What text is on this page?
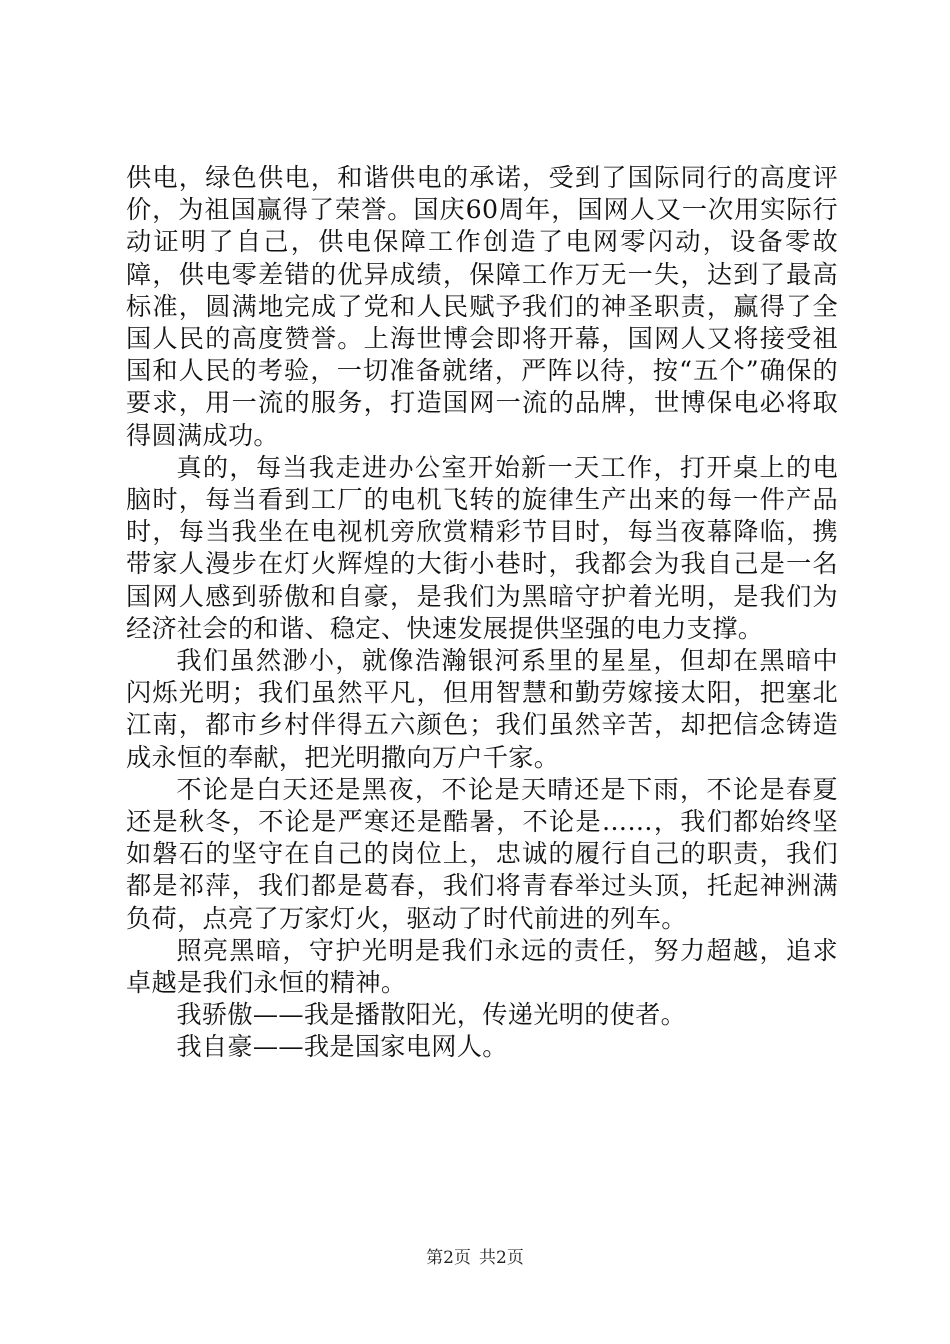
供电，绿色供电，和谐供电的承诺，受到了国际同行的高度评价，为祖国赢得了荣誉。国庆60周年，国网人又一次用实际行动证明了自己，供电保障工作创造了电网零闪动，设备零故障，供电零差错的优异成绩，保障工作万无一失，达到了最高标准，圆满地完成了党和人民赋予我们的神圣职责，赢得了全国人民的高度赞誉。上海世博会即将开幕，国网人又将接受祖国和人民的考验，一切准备就绪，严阵以待，按“五个”确保的要求，用一流的服务，打造国网一流的品牌，世博保电必将取得圆满成功。

真的，每当我走进办公室开始新一天工作，打开桌上的电脑时，每当看到工厂的电机飞转的旋律生产出来的每一件产品时，每当我坐在电视机旁欣赏精彩节目时，每当夜幕降临，携带家人漫步在灯火辉煌的大街小巷时，我都会为我自己是一名国网人感到骄傲和自豪，是我们为黑暗守护着光明，是我们为经济社会的和谐、稳定、快速发展提供坚强的电力支撑。

我们虽然渺小，就像浩瀚银河系里的星星，但却在黑暗中闪烁光明；我们虽然平凡，但用智慧和勤劳嫁接太阳，把塞北江南，都市乡村伴得五六颜色；我们虽然辛苦，却把信念铸造成永恒的奉献，把光明撒向万户千家。

不论是白天还是黑夜，不论是天晴还是下雨，不论是春夏还是秋冬，不论是严寒还是酷暑，不论是……，我们都始终坚如磐石的坚守在自己的岗位上，忠诚的履行自己的职责，我们都是祁萍，我们都是葛春，我们将青春举过头顶，托起神洲满负荷，点亮了万家灯火，驱动了时代前进的列车。

照亮黑暗，守护光明是我们永远的责任，努力超越，追求卓越是我们永恒的精神。

我骄傲——我是播散阳光，传递光明的使者。

我自豪——我是国家电网人。

第2页 共2页
